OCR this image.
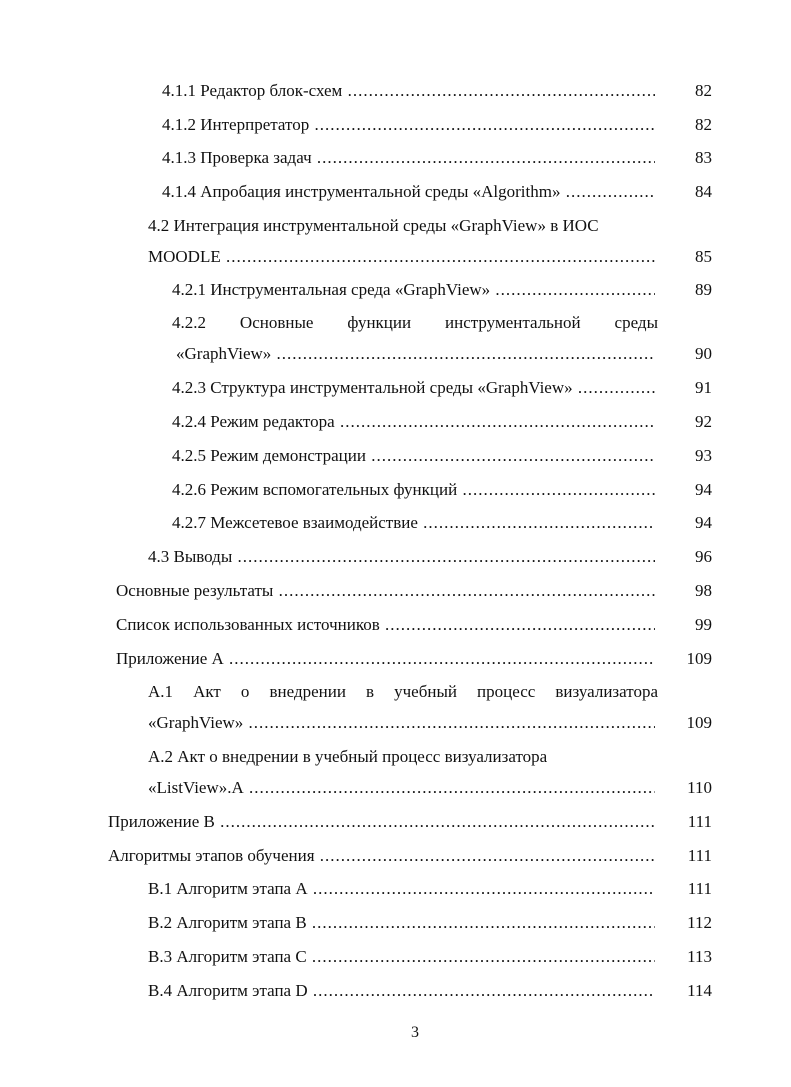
4.1.1 Редактор блок-схем .....	82
4.1.2 Интерпретатор .....	82
4.1.3 Проверка задач .....	83
4.1.4 Апробация инструментальной среды «Algorithm» .....	84
4.2 Интеграция инструментальной среды «GraphView» в ИОС
MOODLE .....	85
4.2.1 Инструментальная среда «GraphView» .....	89
4.2.2 Основные функции инструментальной среды
«GraphView» .....	90
4.2.3 Структура инструментальной среды «GraphView» .....	91
4.2.4 Режим редактора .....	92
4.2.5 Режим демонстрации .....	93
4.2.6 Режим вспомогательных функций .....	94
4.2.7 Межсетевое взаимодействие .....	94
4.3 Выводы .....	96
Основные результаты .....	98
Список использованных источников .....	99
Приложение А .....	109
А.1 Акт о внедрении в учебный процесс визуализатора
«GraphView» .....	109
А.2 Акт о внедрении в учебный процесс визуализатора
«ListView».А .....	110
Приложение В .....	111
Алгоритмы этапов обучения .....	111
В.1 Алгоритм этапа А .....	111
В.2 Алгоритм этапа В .....	112
В.3 Алгоритм этапа С .....	113
В.4 Алгоритм этапа D .....	114
3
